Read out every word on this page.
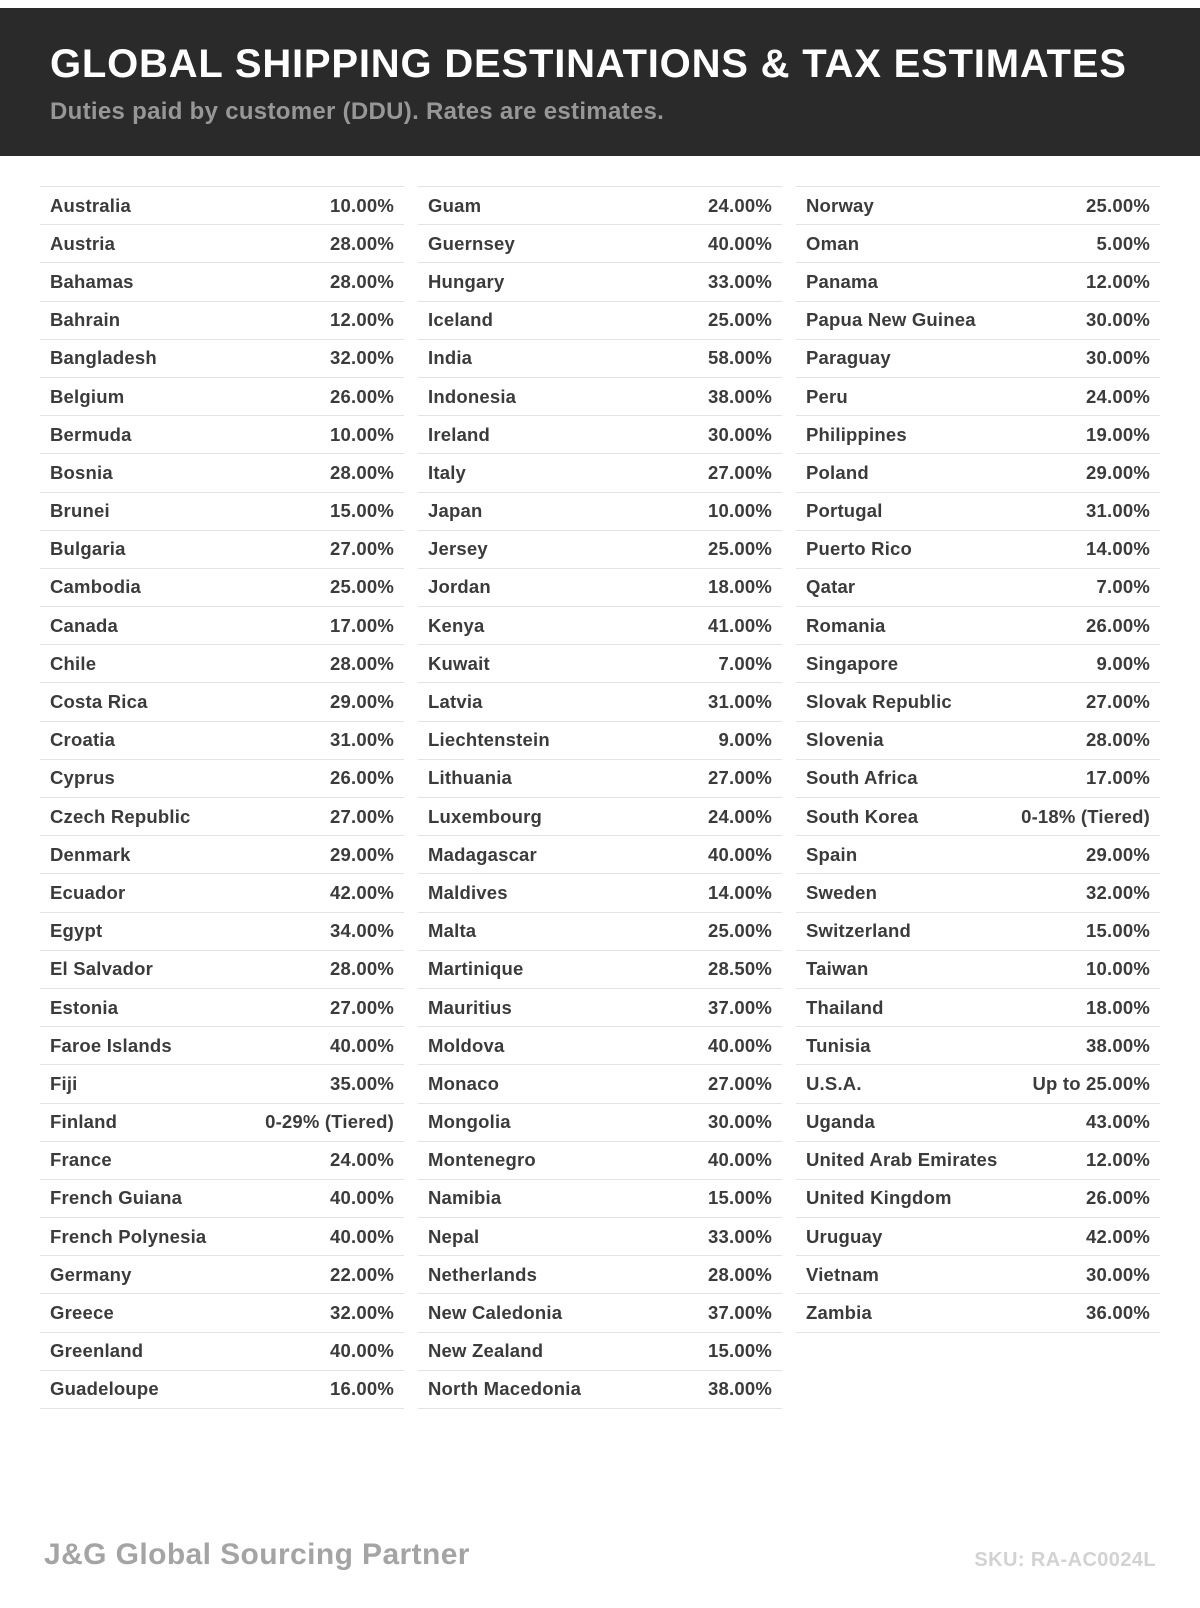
GLOBAL SHIPPING DESTINATIONS & TAX ESTIMATES
Duties paid by customer (DDU). Rates are estimates.
Australia	10.00%
Austria	28.00%
Bahamas	28.00%
Bahrain	12.00%
Bangladesh	32.00%
Belgium	26.00%
Bermuda	10.00%
Bosnia	28.00%
Brunei	15.00%
Bulgaria	27.00%
Cambodia	25.00%
Canada	17.00%
Chile	28.00%
Costa Rica	29.00%
Croatia	31.00%
Cyprus	26.00%
Czech Republic	27.00%
Denmark	29.00%
Ecuador	42.00%
Egypt	34.00%
El Salvador	28.00%
Estonia	27.00%
Faroe Islands	40.00%
Fiji	35.00%
Finland	0-29% (Tiered)
France	24.00%
French Guiana	40.00%
French Polynesia	40.00%
Germany	22.00%
Greece	32.00%
Greenland	40.00%
Guadeloupe	16.00%
Guam	24.00%
Guernsey	40.00%
Hungary	33.00%
Iceland	25.00%
India	58.00%
Indonesia	38.00%
Ireland	30.00%
Italy	27.00%
Japan	10.00%
Jersey	25.00%
Jordan	18.00%
Kenya	41.00%
Kuwait	7.00%
Latvia	31.00%
Liechtenstein	9.00%
Lithuania	27.00%
Luxembourg	24.00%
Madagascar	40.00%
Maldives	14.00%
Malta	25.00%
Martinique	28.50%
Mauritius	37.00%
Moldova	40.00%
Monaco	27.00%
Mongolia	30.00%
Montenegro	40.00%
Namibia	15.00%
Nepal	33.00%
Netherlands	28.00%
New Caledonia	37.00%
New Zealand	15.00%
North Macedonia	38.00%
Norway	25.00%
Oman	5.00%
Panama	12.00%
Papua New Guinea	30.00%
Paraguay	30.00%
Peru	24.00%
Philippines	19.00%
Poland	29.00%
Portugal	31.00%
Puerto Rico	14.00%
Qatar	7.00%
Romania	26.00%
Singapore	9.00%
Slovak Republic	27.00%
Slovenia	28.00%
South Africa	17.00%
South Korea	0-18% (Tiered)
Spain	29.00%
Sweden	32.00%
Switzerland	15.00%
Taiwan	10.00%
Thailand	18.00%
Tunisia	38.00%
U.S.A.	Up to 25.00%
Uganda	43.00%
United Arab Emirates	12.00%
United Kingdom	26.00%
Uruguay	42.00%
Vietnam	30.00%
Zambia	36.00%
J&G Global Sourcing Partner	SKU: RA-AC0024L
